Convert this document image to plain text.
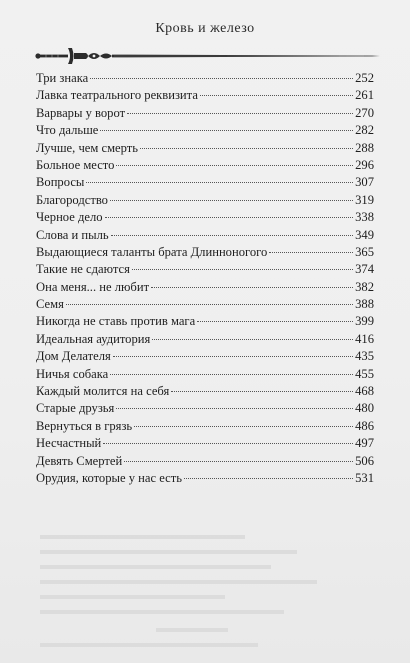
Кровь и железо
Три знака	252
Лавка театрального реквизита	261
Варвары у ворот	270
Что дальше	282
Лучше, чем смерть	288
Больное место	296
Вопросы	307
Благородство	319
Черное дело	338
Слова и пыль	349
Выдающиеся таланты брата Длинноногого	365
Такие не сдаются	374
Она меня... не любит	382
Семя	388
Никогда не ставь против мага	399
Идеальная аудитория	416
Дом Делателя	435
Ничья собака	455
Каждый молится на себя	468
Старые друзья	480
Вернуться в грязь	486
Несчастный	497
Девять Смертей	506
Орудия, которые у нас есть	531
